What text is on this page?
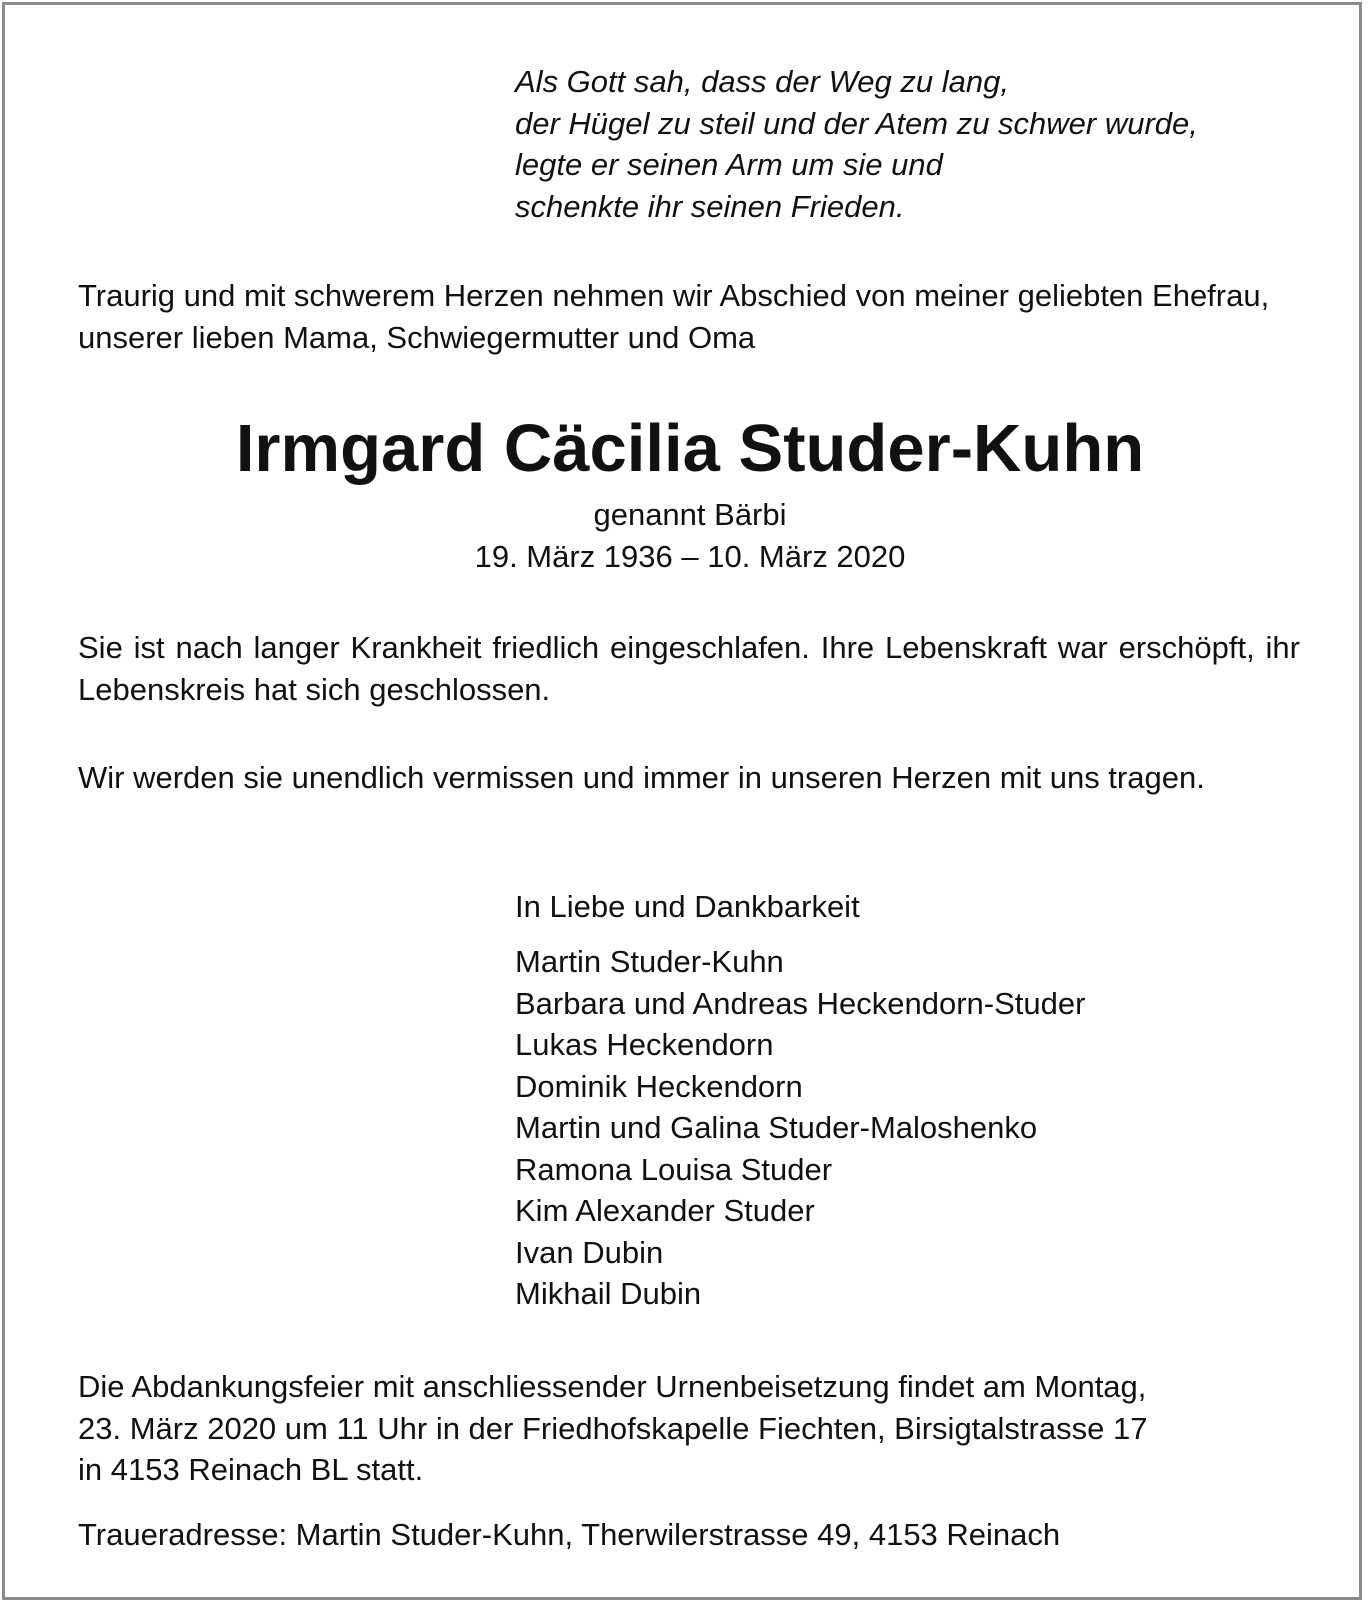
Als Gott sah, dass der Weg zu lang,
der Hügel zu steil und der Atem zu schwer wurde,
legte er seinen Arm um sie und
schenkte ihr seinen Frieden.
Traurig und mit schwerem Herzen nehmen wir Abschied von meiner geliebten Ehefrau, unserer lieben Mama, Schwiegermutter und Oma
Irmgard Cäcilia Studer-Kuhn
genannt Bärbi
19. März 1936 – 10. März 2020
Sie ist nach langer Krankheit friedlich eingeschlafen. Ihre Lebenskraft war erschöpft, ihr Lebenskreis hat sich geschlossen.
Wir werden sie unendlich vermissen und immer in unseren Herzen mit uns tragen.
In Liebe und Dankbarkeit
Martin Studer-Kuhn
Barbara und Andreas Heckendorn-Studer
Lukas Heckendorn
Dominik Heckendorn
Martin und Galina Studer-Maloshenko
Ramona Louisa Studer
Kim Alexander Studer
Ivan Dubin
Mikhail Dubin
Die Abdankungsfeier mit anschliessender Urnenbeisetzung findet am Montag,
23. März 2020 um 11 Uhr in der Friedhofskapelle Fiechten, Birsigtalstrasse 17
in 4153 Reinach BL statt.
Traueradresse: Martin Studer-Kuhn, Therwilerstrasse 49, 4153 Reinach
